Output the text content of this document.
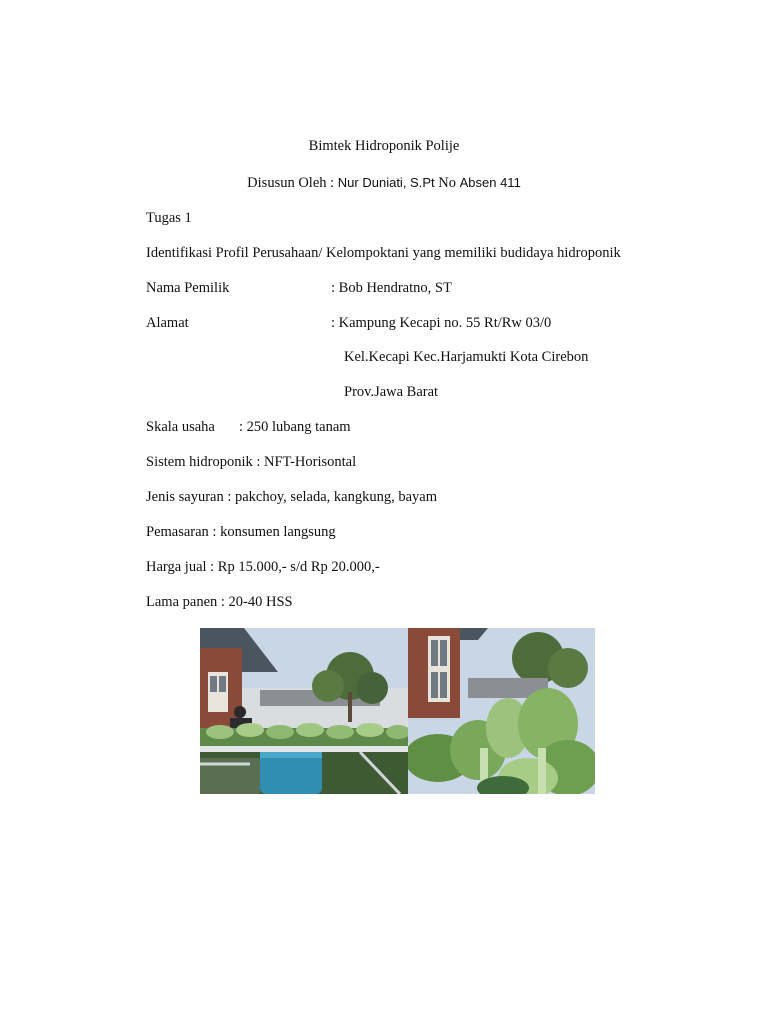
Bimtek Hidroponik Polije
Disusun Oleh : Nur Duniati, S.Pt No Absen 411
Tugas 1
Identifikasi Profil Perusahaan/ Kelompoktani yang memiliki budidaya hidroponik
Nama Pemilik	: Bob Hendratno, ST
Alamat	: Kampung Kecapi no. 55 Rt/Rw 03/0
Kel.Kecapi Kec.Harjamukti Kota Cirebon
Prov.Jawa Barat
Skala usaha : 250 lubang tanam
Sistem hidroponik : NFT-Horisontal
Jenis sayuran : pakchoy, selada, kangkung, bayam
Pemasaran : konsumen langsung
Harga jual : Rp 15.000,- s/d Rp 20.000,-
Lama panen : 20-40 HSS
